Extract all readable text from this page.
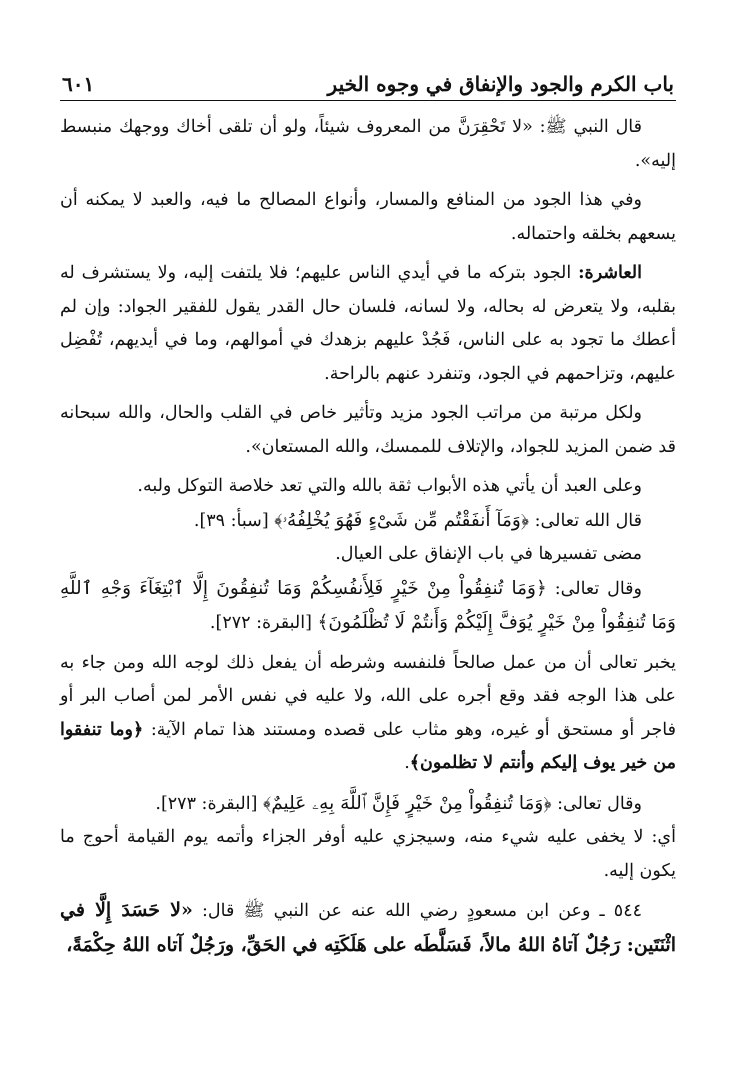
باب الكرم والجود والإنفاق في وجوه الخير
٦٠١

قال النبي ﷺ: «لا تَحْقِرَنَّ من المعروف شيئاً، ولو أن تلقى أخاك ووجهك منبسط إليه».

وفي هذا الجود من المنافع والمسار، وأنواع المصالح ما فيه، والعبد لا يمكنه أن يسعهم بخلقه واحتماله.

العاشرة: الجود بتركه ما في أيدي الناس عليهم؛ فلا يلتفت إليه، ولا يستشرف له بقلبه، ولا يتعرض له بحاله، ولا لسانه، فلسان حال القدر يقول للفقير الجواد: وإن لم أعطك ما تجود به على الناس، فَجُدْ عليهم بزهدك في أموالهم، وما في أيديهم، تُفْضِل عليهم، وتزاحمهم في الجود، وتنفرد عنهم بالراحة.

ولكل مرتبة من مراتب الجود مزيد وتأثير خاص في القلب والحال، والله سبحانه قد ضمن المزيد للجواد، والإتلاف للممسك، والله المستعان».

وعلى العبد أن يأتي هذه الأبواب ثقة بالله والتي تعد خلاصة التوكل ولبه.

قال الله تعالى: ﴿وَمَآ أَنفَقْتُم مِّن شَىْءٍ فَهُوَ يُخْلِفُهُۥ﴾ [سبأ: ٣٩].

مضى تفسيرها في باب الإنفاق على العيال.

وقال تعالى: ﴿وَمَا تُنفِقُواْ مِنْ خَيْرٍ فَلِأَنفُسِكُمْ وَمَا تُنفِقُونَ إِلَّا ٱبْتِغَآءَ وَجْهِ ٱللَّهِ وَمَا تُنفِقُواْ مِنْ خَيْرٍ يُوَفَّ إِلَيْكُمْ وَأَنتُمْ لَا تُظْلَمُونَ﴾ [البقرة: ٢٧٢].

يخبر تعالى أن من عمل صالحاً فلنفسه وشرطه أن يفعل ذلك لوجه الله ومن جاء به على هذا الوجه فقد وقع أجره على الله، ولا عليه في نفس الأمر لمن أصاب البر أو فاجر أو مستحق أو غيره، وهو مثاب على قصده ومستند هذا تمام الآية: ﴿وما تنفقوا من خير يوف إليكم وأنتم لا تظلمون﴾.

وقال تعالى: ﴿وَمَا تُنفِقُواْ مِنْ خَيْرٍ فَإِنَّ ٱللَّهَ بِهِۦ عَلِيمٌ﴾ [البقرة: ٢٧٣].

أي: لا يخفى عليه شيء منه، وسيجزي عليه أوفر الجزاء وأتمه يوم القيامة أحوج ما يكون إليه.

٥٤٤ ـ وعن ابن مسعودٍ رضي الله عنه عن النبي ﷺ قال: «لا حَسَدَ إِلَّا في اثْنَتَين: رَجُلٌ آتاهُ اللهُ مالاً، فَسَلَّطَه على هَلَكَتِه في الحَقِّ، ورَجُلٌ آتاه اللهُ حِكْمَةً،
